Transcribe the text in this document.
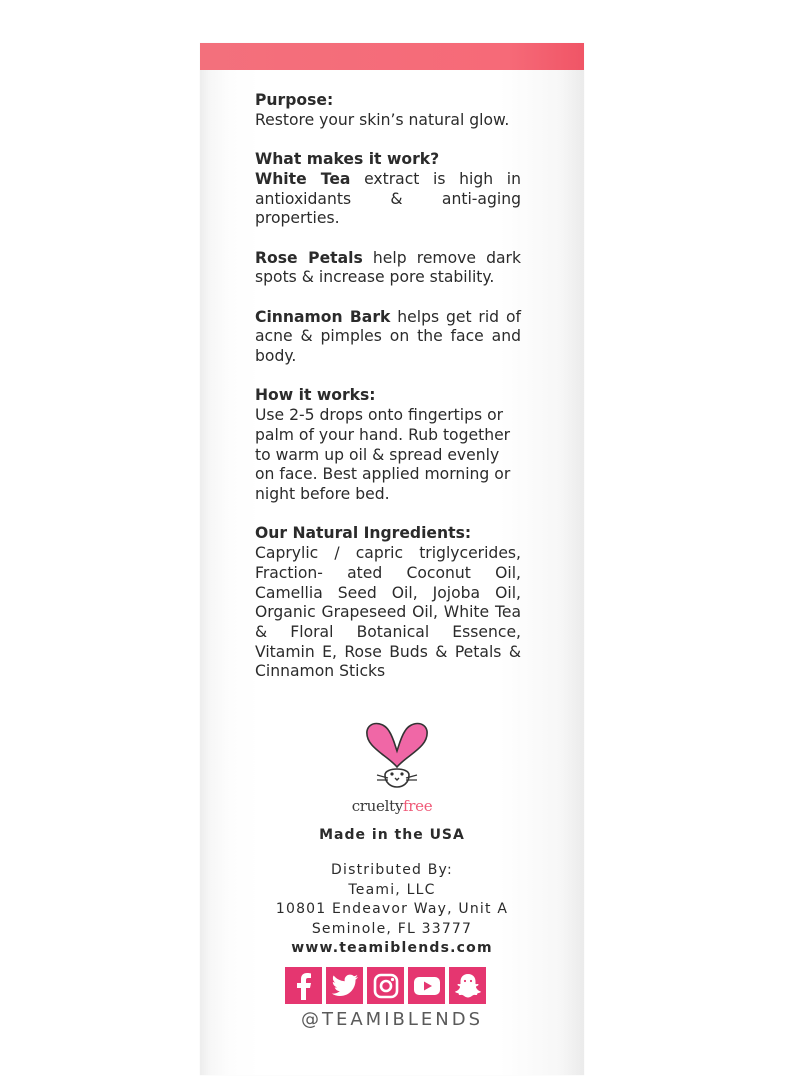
Purpose:

Restore your skin’s natural glow.

What makes it work?

White Tea extract is high in antioxidants & anti-aging properties.

Rose Petals help remove dark spots & increase pore stability.

Cinnamon Bark helps get rid of acne & pimples on the face and body.

How it works:

Use 2-5 drops onto fingertips or palm of your hand. Rub together to warm up oil & spread evenly on face. Best applied morning or night before bed.

Our Natural Ingredients:

Caprylic / capric triglycerides, Fraction- ated Coconut Oil, Camellia Seed Oil, Jojoba Oil, Organic Grapeseed Oil, White Tea & Floral Botanical Essence, Vitamin E, Rose Buds & Petals & Cinnamon Sticks

crueltyfree
Made in the USA
Distributed By:
Teami, LLC
10801 Endeavor Way, Unit A
Seminole, FL 33777
www.teamiblends.com
@TEAMIBLENDS
